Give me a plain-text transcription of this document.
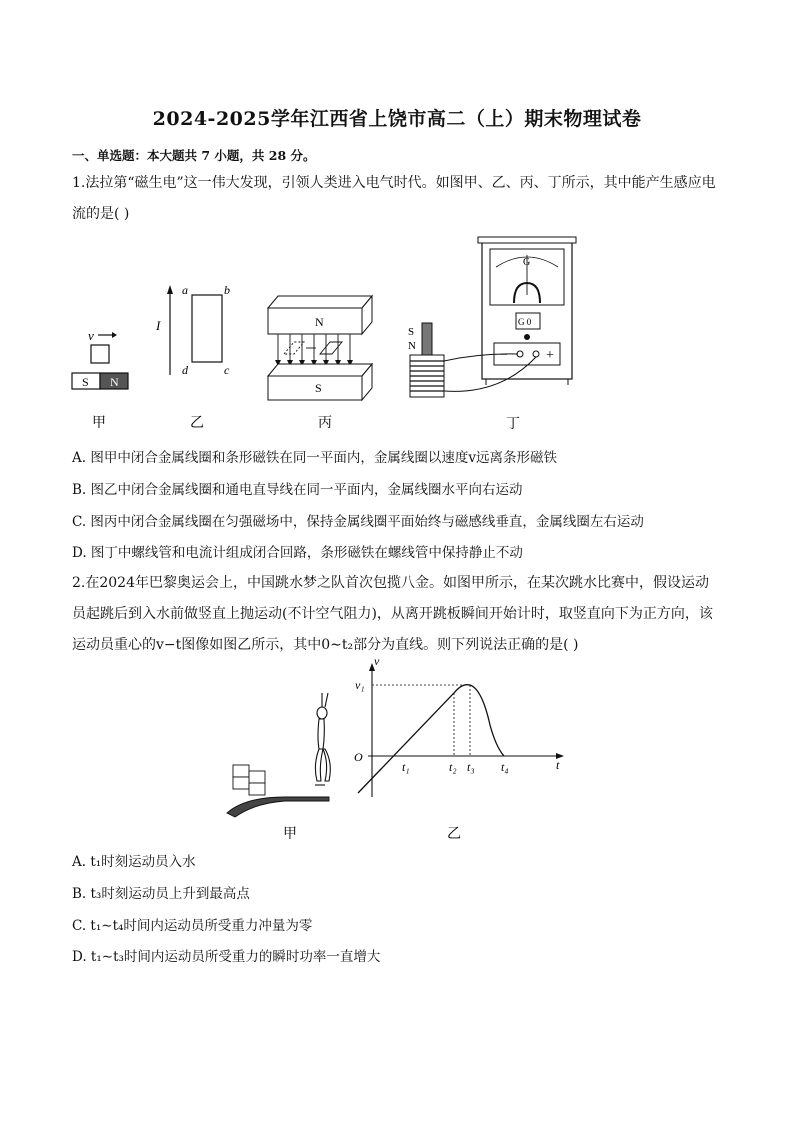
2024-2025学年江西省上饶市高二（上）期末物理试卷
一、单选题：本大题共 7 小题，共 28 分。
1.法拉第“磁生电”这一伟大发现，引领人类进入电气时代。如图甲、乙、丙、丁所示，其中能产生感应电流的是( )
v
S N
甲
I
a	b
c
d
乙
N
S
丙
G
G 0
−	+
S
N
丁
A. 图甲中闭合金属线圈和条形磁铁在同一平面内，金属线圈以速度v远离条形磁铁
B. 图乙中闭合金属线圈和通电直导线在同一平面内，金属线圈水平向右运动
C. 图丙中闭合金属线圈在匀强磁场中，保持金属线圈平面始终与磁感线垂直，金属线圈左右运动
D. 图丁中螺线管和电流计组成闭合回路，条形磁铁在螺线管中保持静止不动
2.在2024年巴黎奥运会上，中国跳水梦之队首次包揽八金。如图甲所示，在某次跳水比赛中，假设运动员起跳后到入水前做竖直上抛运动(不计空气阻力)，从离开跳板瞬间开始计时，取竖直向下为正方向，该运动员重心的v−t图像如图乙所示，其中0∼t₂部分为直线。则下列说法正确的是( )
甲
v
t
O
v₁
t₁	t₂ t₃ t₄
乙
A. t₁时刻运动员入水
B. t₃时刻运动员上升到最高点
C. t₁∼t₄时间内运动员所受重力冲量为零
D. t₁∼t₃时间内运动员所受重力的瞬时功率一直增大
